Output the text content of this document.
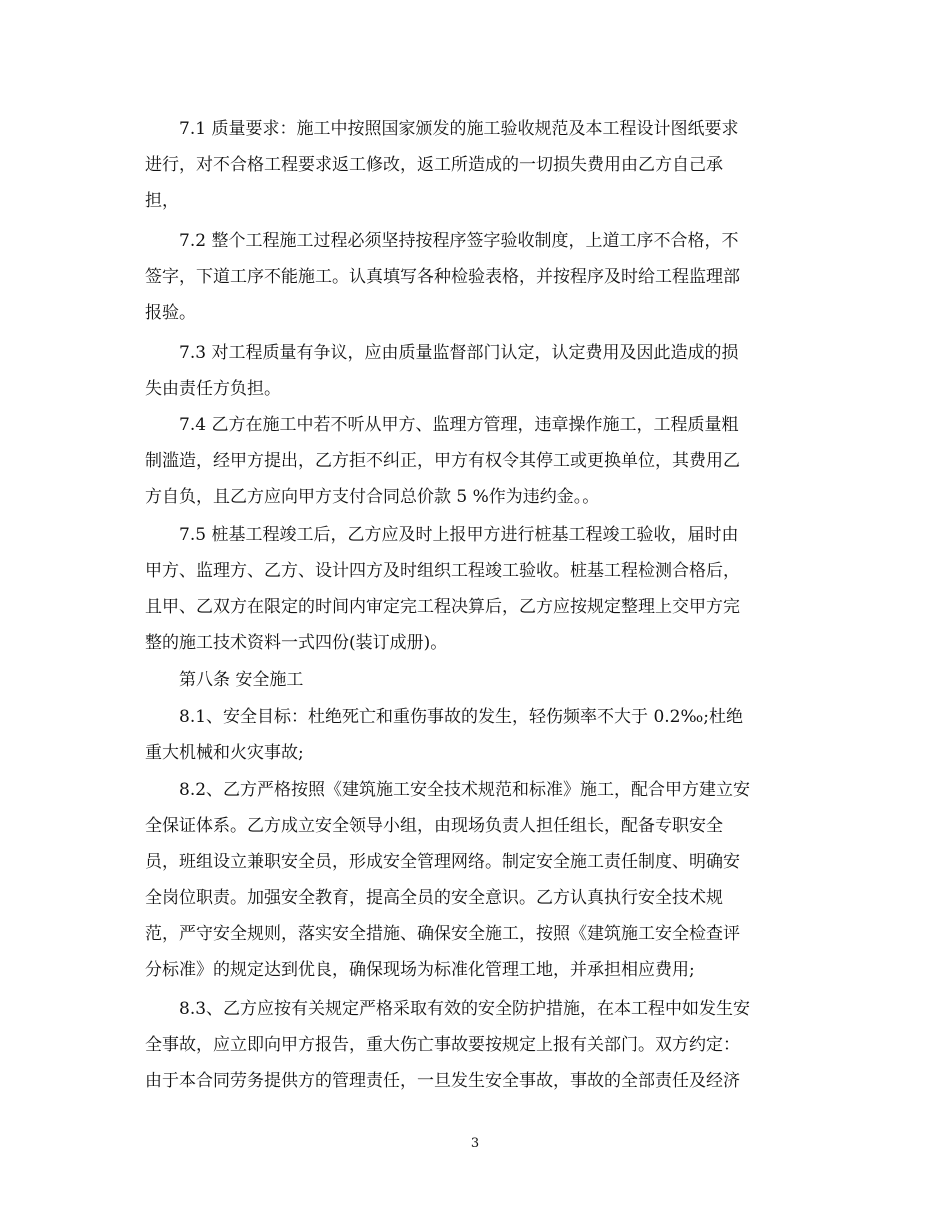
7.1 质量要求：施工中按照国家颁发的施工验收规范及本工程设计图纸要求
进行，对不合格工程要求返工修改，返工所造成的一切损失费用由乙方自己承
担，
7.2 整个工程施工过程必须坚持按程序签字验收制度，上道工序不合格，不
签字，下道工序不能施工。认真填写各种检验表格，并按程序及时给工程监理部
报验。
7.3 对工程质量有争议，应由质量监督部门认定，认定费用及因此造成的损
失由责任方负担。
7.4 乙方在施工中若不听从甲方、监理方管理，违章操作施工，工程质量粗
制滥造，经甲方提出，乙方拒不纠正，甲方有权令其停工或更换单位，其费用乙
方自负，且乙方应向甲方支付合同总价款 5 %作为违约金。。
7.5 桩基工程竣工后，乙方应及时上报甲方进行桩基工程竣工验收，届时由
甲方、监理方、乙方、设计四方及时组织工程竣工验收。桩基工程检测合格后，
且甲、乙双方在限定的时间内审定完工程决算后，乙方应按规定整理上交甲方完
整的施工技术资料一式四份(装订成册)。
第八条 安全施工
8.1、安全目标：杜绝死亡和重伤事故的发生，轻伤频率不大于 0.2‰;杜绝
重大机械和火灾事故;
8.2、乙方严格按照《建筑施工安全技术规范和标准》施工，配合甲方建立安
全保证体系。乙方成立安全领导小组，由现场负责人担任组长，配备专职安全
员，班组设立兼职安全员，形成安全管理网络。制定安全施工责任制度、明确安
全岗位职责。加强安全教育，提高全员的安全意识。乙方认真执行安全技术规
范，严守安全规则，落实安全措施、确保安全施工，按照《建筑施工安全检查评
分标准》的规定达到优良，确保现场为标准化管理工地，并承担相应费用;
8.3、乙方应按有关规定严格采取有效的安全防护措施，在本工程中如发生安
全事故，应立即向甲方报告，重大伤亡事故要按规定上报有关部门。双方约定：
由于本合同劳务提供方的管理责任，一旦发生安全事故，事故的全部责任及经济
3
